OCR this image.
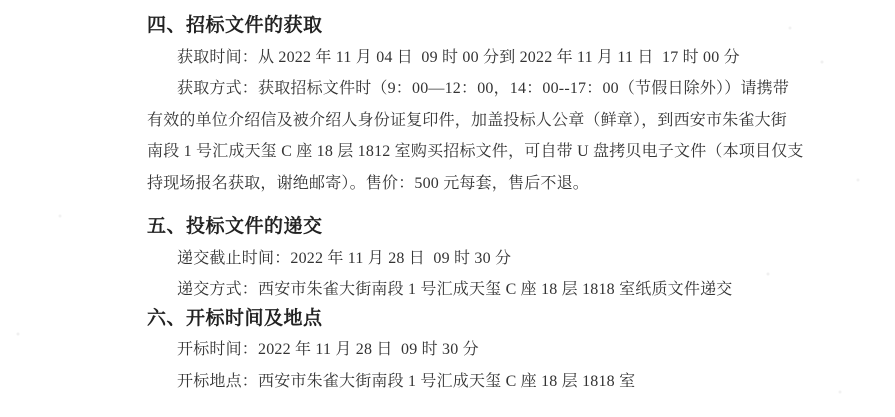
四、招标文件的获取
获取时间：从 2022 年 11 月 04 日  09 时 00 分到 2022 年 11 月 11 日  17 时 00 分
获取方式：获取招标文件时（9：00—12：00，14：00--17：00（节假日除外））请携带
有效的单位介绍信及被介绍人身份证复印件，加盖投标人公章（鲜章），到西安市朱雀大街
南段 1 号汇成天玺 C 座 18 层 1812 室购买招标文件，可自带 U 盘拷贝电子文件（本项目仅支
持现场报名获取，谢绝邮寄）。售价：500 元每套，售后不退。
五、投标文件的递交
递交截止时间：2022 年 11 月 28 日  09 时 30 分
递交方式：西安市朱雀大街南段 1 号汇成天玺 C 座 18 层 1818 室纸质文件递交
六、开标时间及地点
开标时间：2022 年 11 月 28 日  09 时 30 分
开标地点：西安市朱雀大街南段 1 号汇成天玺 C 座 18 层 1818 室
